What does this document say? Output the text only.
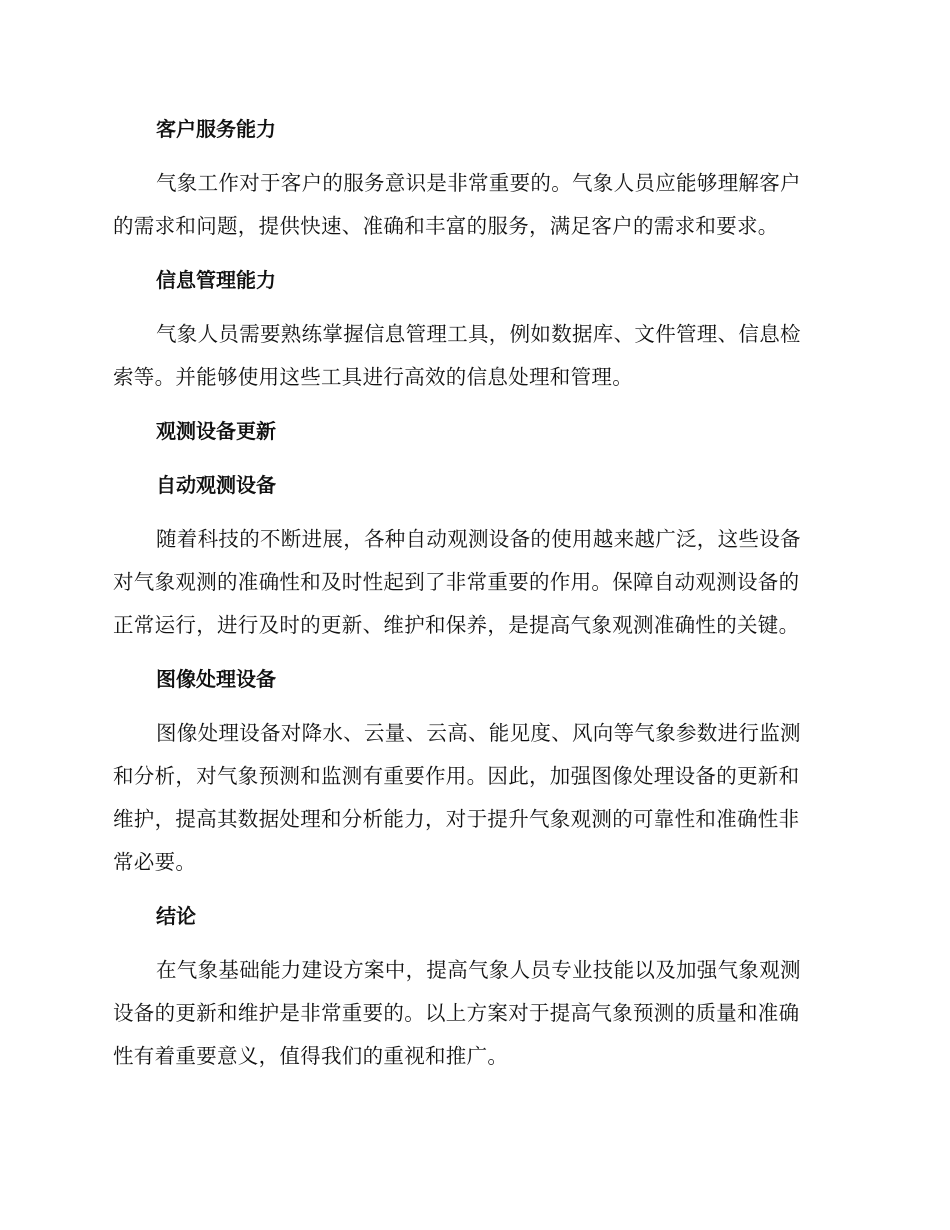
客户服务能力
气象工作对于客户的服务意识是非常重要的。气象人员应能够理解客户
的需求和问题，提供快速、准确和丰富的服务，满足客户的需求和要求。
信息管理能力
气象人员需要熟练掌握信息管理工具，例如数据库、文件管理、信息检
索等。并能够使用这些工具进行高效的信息处理和管理。
观测设备更新
自动观测设备
随着科技的不断进展，各种自动观测设备的使用越来越广泛，这些设备
对气象观测的准确性和及时性起到了非常重要的作用。保障自动观测设备的
正常运行，进行及时的更新、维护和保养，是提高气象观测准确性的关键。
图像处理设备
图像处理设备对降水、云量、云高、能见度、风向等气象参数进行监测
和分析，对气象预测和监测有重要作用。因此，加强图像处理设备的更新和
维护，提高其数据处理和分析能力，对于提升气象观测的可靠性和准确性非
常必要。
结论
在气象基础能力建设方案中，提高气象人员专业技能以及加强气象观测
设备的更新和维护是非常重要的。以上方案对于提高气象预测的质量和准确
性有着重要意义，值得我们的重视和推广。
